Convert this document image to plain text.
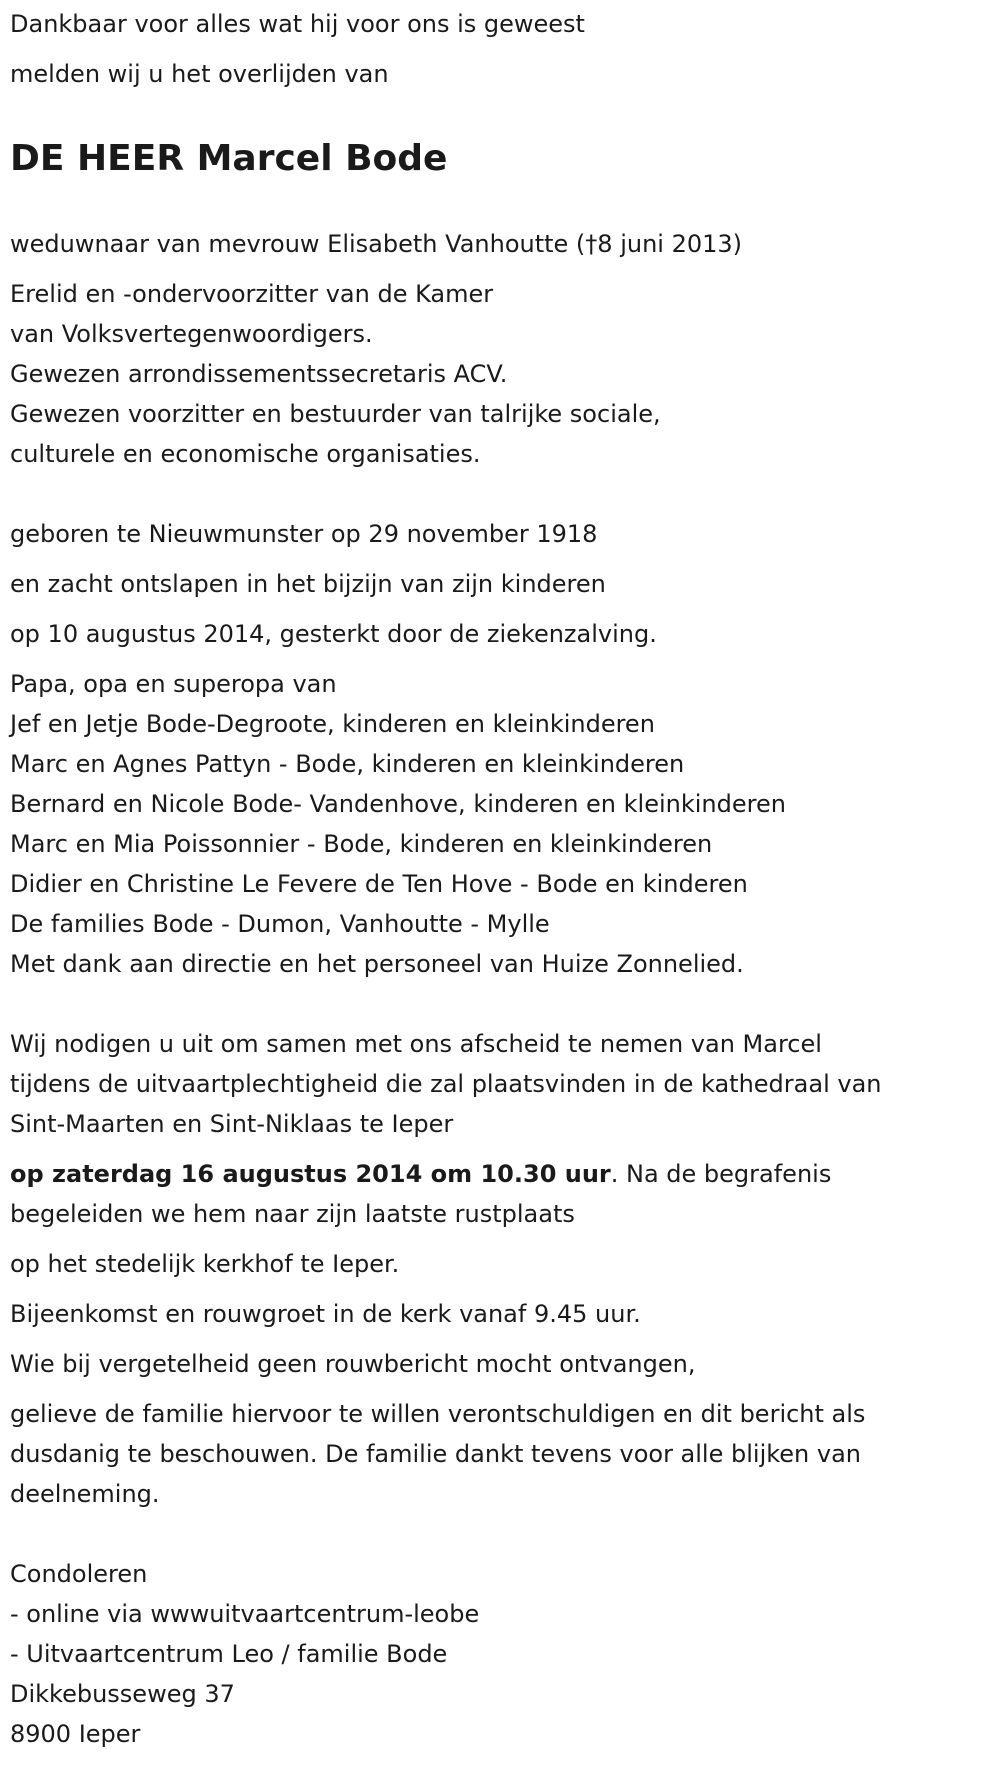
Dankbaar voor alles wat hij voor ons is geweest

melden wij u het overlijden van

DE HEER Marcel Bode

weduwnaar van mevrouw Elisabeth Vanhoutte (†8 juni 2013)

Erelid en -ondervoorzitter van de Kamer

van Volksvertegenwoordigers.

Gewezen arrondissementssecretaris ACV.

Gewezen voorzitter en bestuurder van talrijke sociale,

culturele en economische organisaties.

geboren te Nieuwmunster op 29 november 1918

en zacht ontslapen in het bijzijn van zijn kinderen

op 10 augustus 2014, gesterkt door de ziekenzalving.

Papa, opa en superopa van

Jef en Jetje Bode-Degroote, kinderen en kleinkinderen

Marc en Agnes Pattyn - Bode, kinderen en kleinkinderen

Bernard en Nicole Bode- Vandenhove, kinderen en kleinkinderen

Marc en Mia Poissonnier - Bode, kinderen en kleinkinderen

Didier en Christine Le Fevere de Ten Hove - Bode en kinderen

De families Bode - Dumon, Vanhoutte - Mylle

Met dank aan directie en het personeel van Huize Zonnelied.

Wij nodigen u uit om samen met ons afscheid te nemen van Marcel

tijdens de uitvaartplechtigheid die zal plaatsvinden in de kathedraal van

Sint-Maarten en Sint-Niklaas te Ieper

op zaterdag 16 augustus 2014 om 10.30 uur. Na de begrafenis

begeleiden we hem naar zijn laatste rustplaats

op het stedelijk kerkhof te Ieper.

Bijeenkomst en rouwgroet in de kerk vanaf 9.45 uur.

Wie bij vergetelheid geen rouwbericht mocht ontvangen,

gelieve de familie hiervoor te willen verontschuldigen en dit bericht als

dusdanig te beschouwen. De familie dankt tevens voor alle blijken van

deelneming.

Condoleren

- online via wwwuitvaartcentrum-leobe

- Uitvaartcentrum Leo / familie Bode

Dikkebusseweg 37

8900 Ieper
